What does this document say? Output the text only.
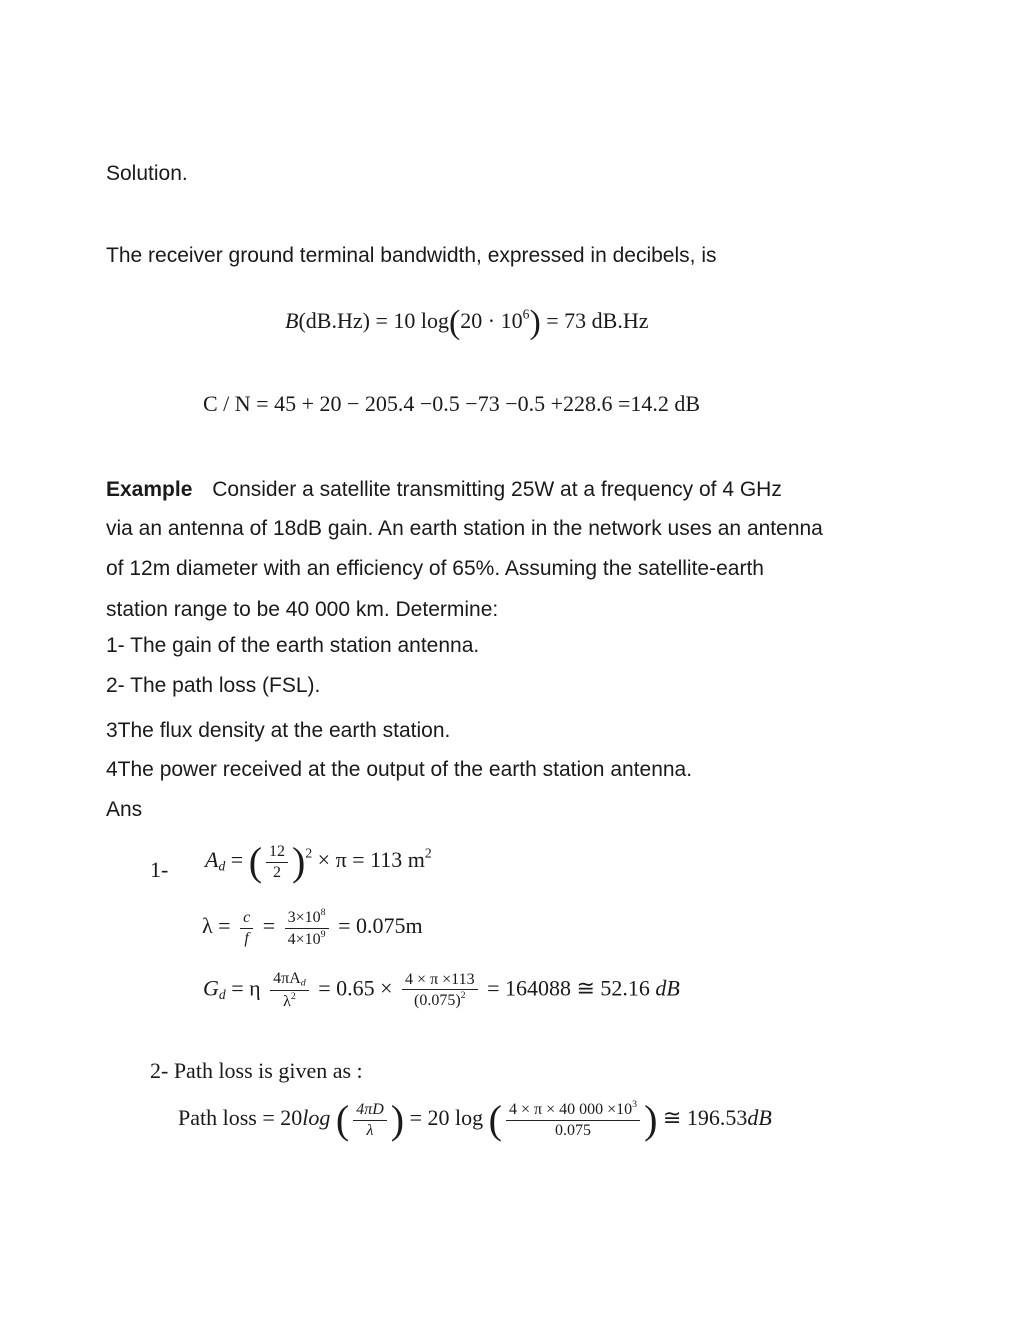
Solution.
The receiver ground terminal bandwidth, expressed in decibels, is
B(dB.Hz) = 10 $\log(20 \cdot 10^6) = 73$ dB.Hz
C / N = 45 + 20 − 205.4 −0.5 −73 −0.5 +228.6 =14.2 dB
Example Consider a satellite transmitting 25W at a frequency of 4 GHz
via an antenna of 18dB gain. An earth station in the network uses an antenna
of 12m diameter with an efficiency of 65%. Assuming the satellite-earth
station range to be 40 000 km. Determine:
1- The gain of the earth station antenna.
2- The path loss (FSL).
3The flux density at the earth station.
4The power received at the output of the earth station antenna.
Ans
1- $A_d$ = ( $\frac{12}{2} )^2 \times \pi = 113$ $m^2$
$\lambda = \frac{c}{f} = \frac{3\times 10^8}{4\times 10^9} = 0.075m$
$G_d = \eta \frac{4\pi A_d}{\lambda^2} = 0.65 \times \frac{4 \times \pi \times 113}{(0.075)^2} = 164088$ ≅ 52.16 dB
2- Path loss is given as :
Path loss = 20log ( $\frac{4\pi D}{\lambda}$ ) = 20 log ( $\frac{4 \times \pi \times 40 000 \times 10^3}{0.075}$ ) ≅ 196.53dB
